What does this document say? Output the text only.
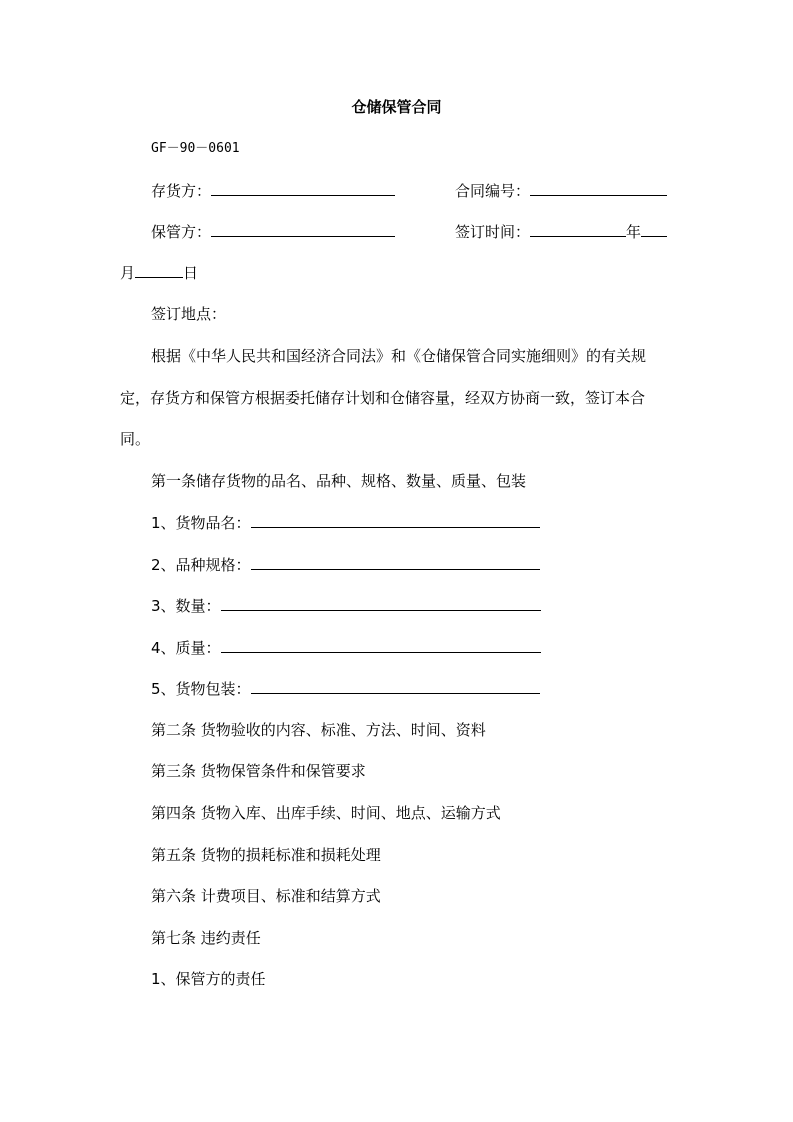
仓储保管合同
GF－90－0601
存货方：	合同编号：
保管方：	签订时间：	年
月	日
签订地点：
根据《中华人民共和国经济合同法》和《仓储保管合同实施细则》的有关规
定，存货方和保管方根据委托储存计划和仓储容量，经双方协商一致，签订本合
同。
第一条储存货物的品名、品种、规格、数量、质量、包装
1、货物品名：
2、品种规格：
3、数量：
4、质量：
5、货物包装：
第二条 货物验收的内容、标准、方法、时间、资料
第三条 货物保管条件和保管要求
第四条 货物入库、出库手续、时间、地点、运输方式
第五条 货物的损耗标准和损耗处理
第六条 计费项目、标准和结算方式
第七条 违约责任
1、保管方的责任
